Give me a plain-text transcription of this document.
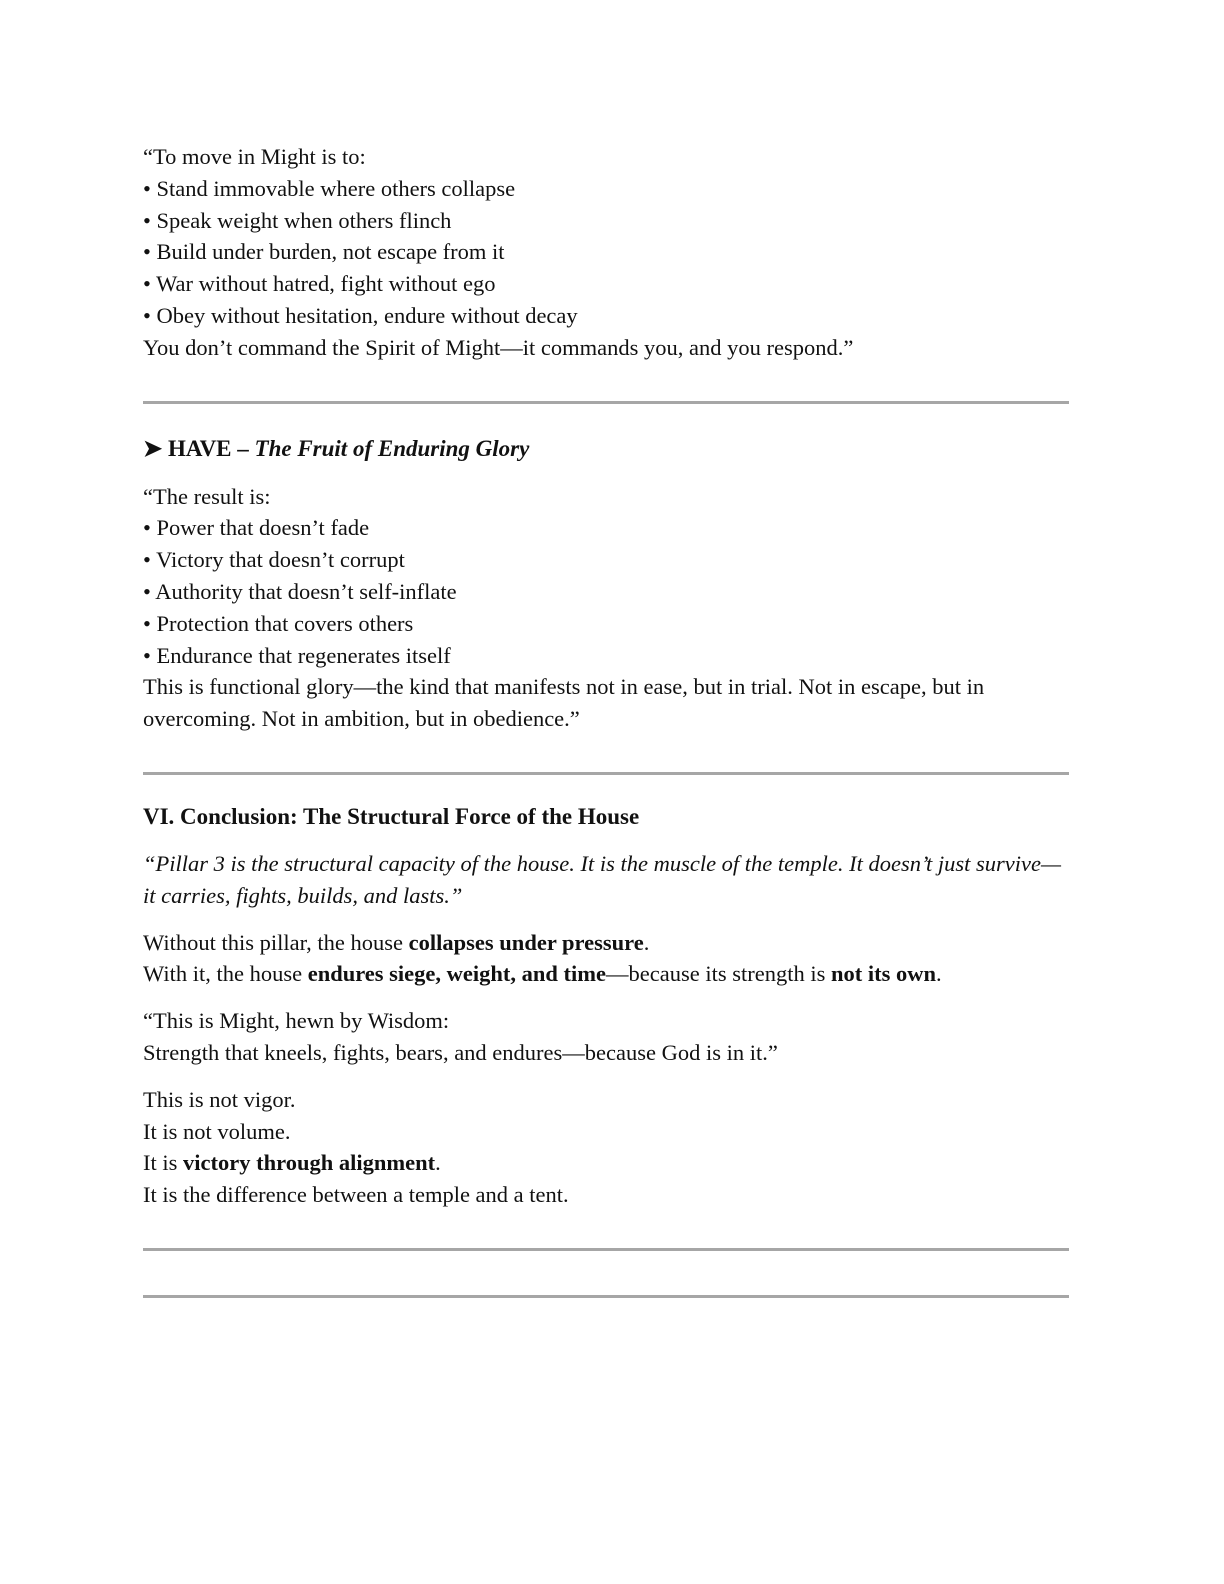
“To move in Might is to:
• Stand immovable where others collapse
• Speak weight when others flinch
• Build under burden, not escape from it
• War without hatred, fight without ego
• Obey without hesitation, endure without decay
You don’t command the Spirit of Might—it commands you, and you respond.”
➤ HAVE – The Fruit of Enduring Glory
“The result is:
• Power that doesn’t fade
• Victory that doesn’t corrupt
• Authority that doesn’t self-inflate
• Protection that covers others
• Endurance that regenerates itself
This is functional glory—the kind that manifests not in ease, but in trial. Not in escape, but in overcoming. Not in ambition, but in obedience.”
VI. Conclusion: The Structural Force of the House
“Pillar 3 is the structural capacity of the house. It is the muscle of the temple. It doesn’t just survive—it carries, fights, builds, and lasts.”
Without this pillar, the house collapses under pressure.
With it, the house endures siege, weight, and time—because its strength is not its own.
“This is Might, hewn by Wisdom:
Strength that kneels, fights, bears, and endures—because God is in it.”
This is not vigor.
It is not volume.
It is victory through alignment.
It is the difference between a temple and a tent.
